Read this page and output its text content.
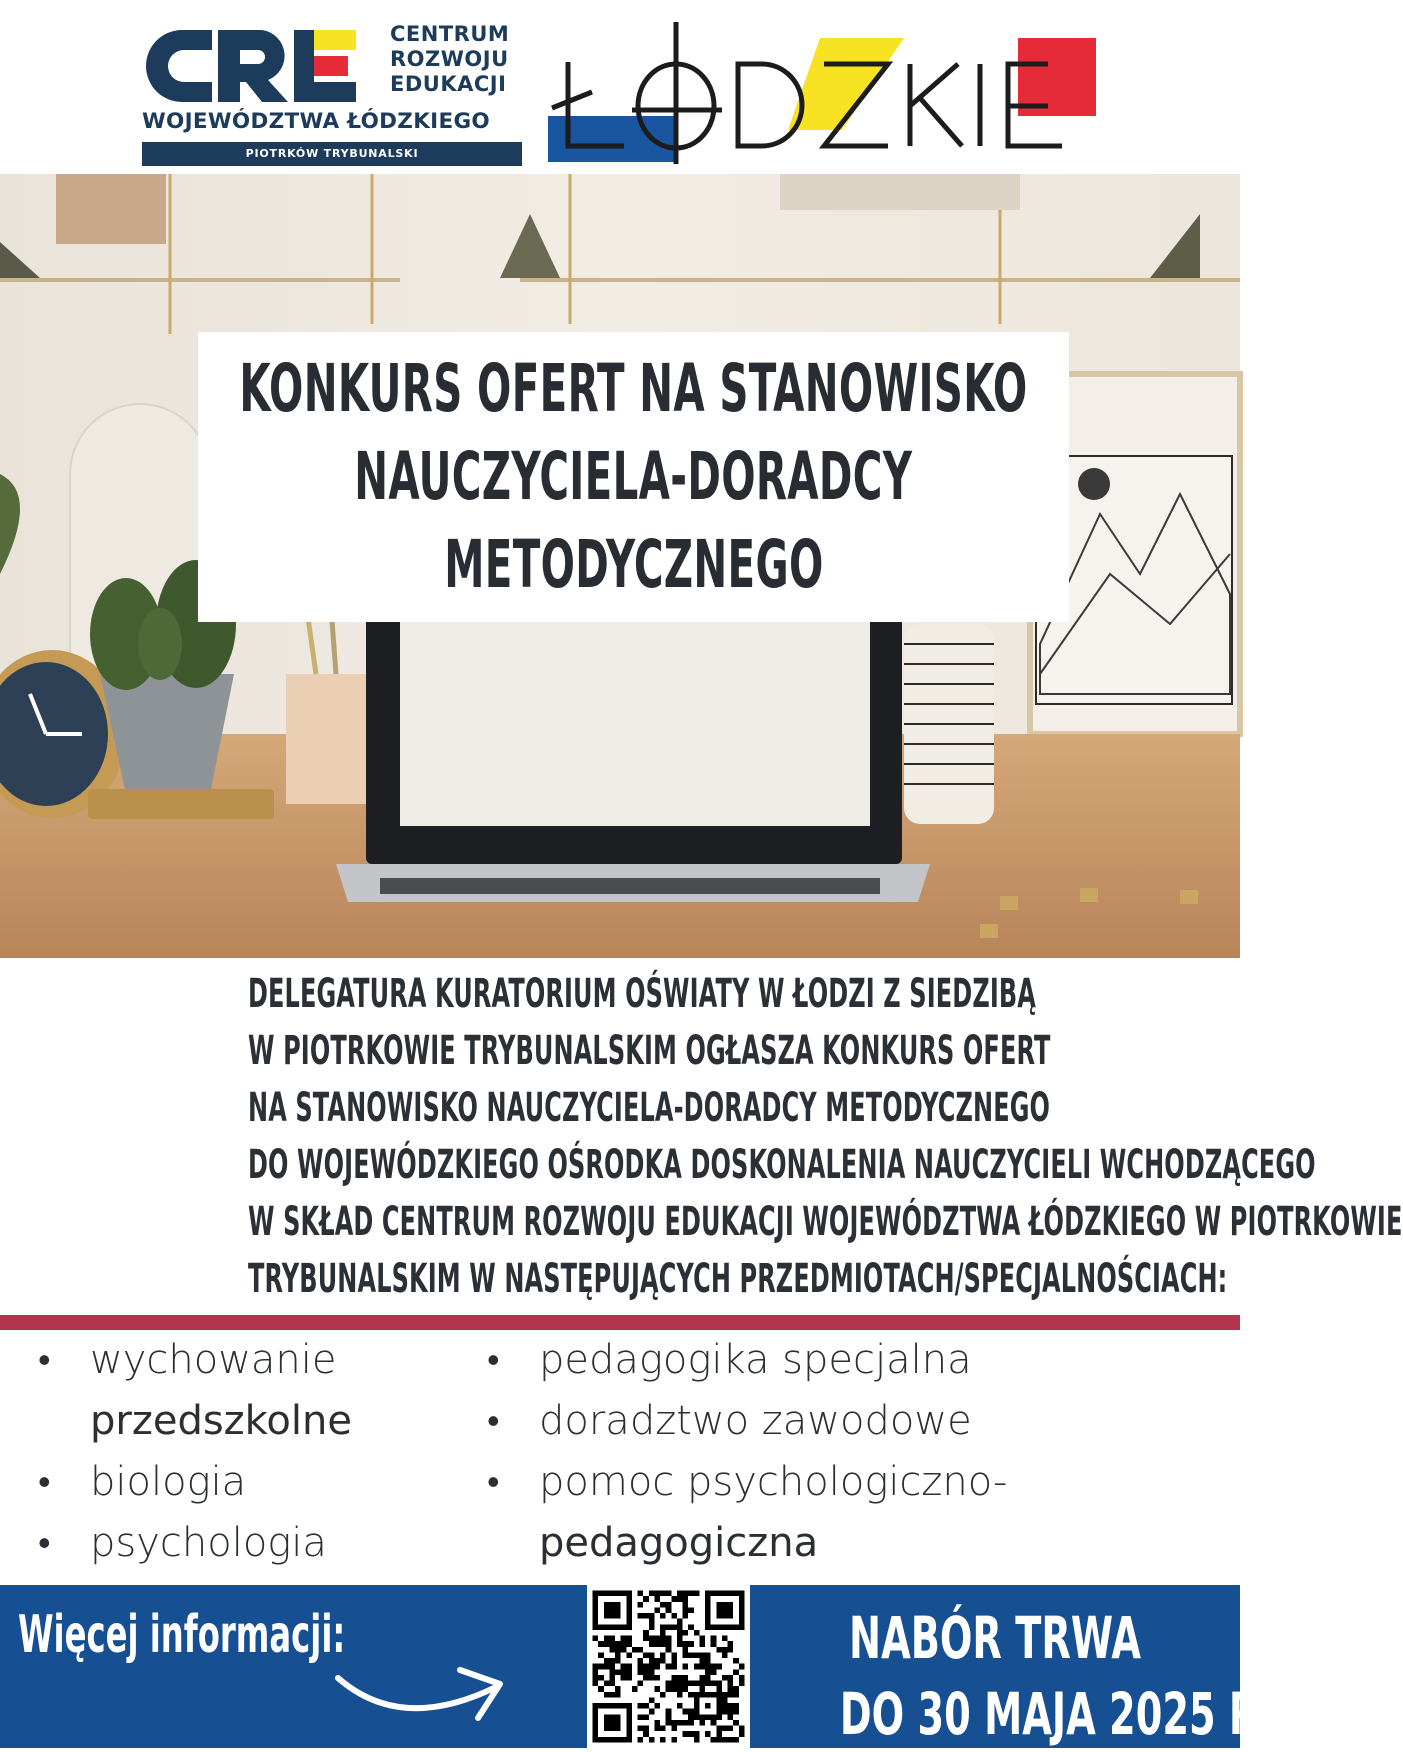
CENTRUM
ROZWOJU
EDUKACJI
WOJEWÓDZTWA ŁÓDZKIEGO
PIOTRKÓW TRYBUNALSKI
KONKURS OFERT NA STANOWISKO
NAUCZYCIELA-DORADCY
METODYCZNEGO
DELEGATURA KURATORIUM OŚWIATY W ŁODZI Z SIEDZIBĄ
W PIOTRKOWIE TRYBUNALSKIM OGŁASZA KONKURS OFERT
NA STANOWISKO NAUCZYCIELA-DORADCY METODYCZNEGO
DO WOJEWÓDZKIEGO OŚRODKA DOSKONALENIA NAUCZYCIELI WCHODZĄCEGO
W SKŁAD CENTRUM ROZWOJU EDUKACJI WOJEWÓDZTWA ŁÓDZKIEGO W PIOTRKOWIE
TRYBUNALSKIM W NASTĘPUJĄCYCH PRZEDMIOTACH/SPECJALNOŚCIACH:
• wychowanie
przedszkolne
• biologia
• psychologia
• pedagogika specjalna
• doradztwo zawodowe
• pomoc psychologiczno-
pedagogiczna
Więcej informacji:	NABÓR TRWA
DO 30 MAJA 2025 R.
